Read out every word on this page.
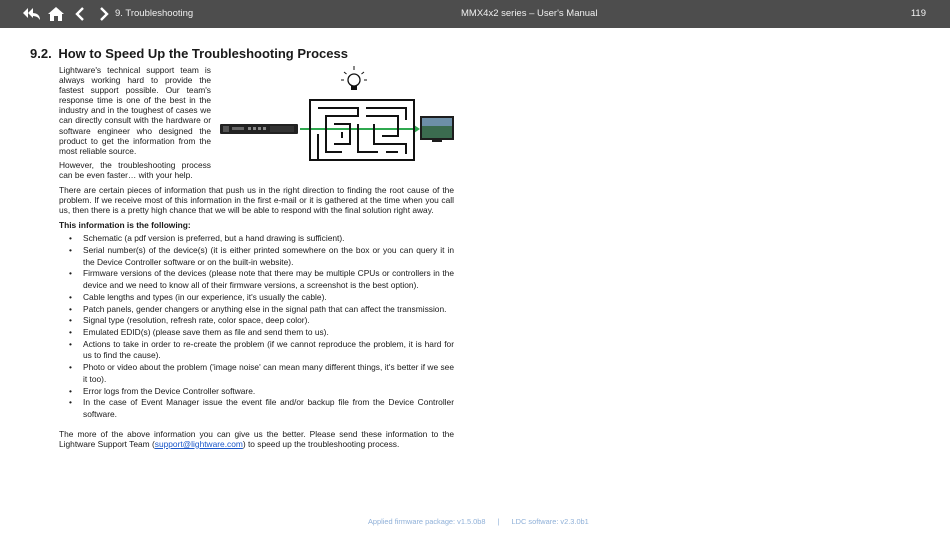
9. Troubleshooting	MMX4x2 series – User's Manual	119
9.2. How to Speed Up the Troubleshooting Process

Lightware's technical support team is always working hard to provide the fastest support possible. Our team's response time is one of the best in the industry and in the toughest of cases we can directly consult with the hardware or software engineer who designed the product to get the information from the most reliable source.

However, the troubleshooting process can be even faster… with your help.

There are certain pieces of information that push us in the right direction to finding the root cause of the problem. If we receive most of this information in the first e-mail or it is gathered at the time when you call us, then there is a pretty high chance that we will be able to respond with the final solution right away.

This information is the following:

• Schematic (a pdf version is preferred, but a hand drawing is sufficient).
• Serial number(s) of the device(s) (it is either printed somewhere on the box or you can query it in the Device Controller software or on the built-in website).
• Firmware versions of the devices (please note that there may be multiple CPUs or controllers in the device and we need to know all of their firmware versions, a screenshot is the best option).
• Cable lengths and types (in our experience, it's usually the cable).
• Patch panels, gender changers or anything else in the signal path that can affect the transmission.
• Signal type (resolution, refresh rate, color space, deep color).
• Emulated EDID(s) (please save them as file and send them to us).
• Actions to take in order to re-create the problem (if we cannot reproduce the problem, it is hard for us to find the cause).
• Photo or video about the problem ('image noise' can mean many different things, it's better if we see it too).
• Error logs from the Device Controller software.
• In the case of Event Manager issue the event file and/or backup file from the Device Controller software.

The more of the above information you can give us the better. Please send these information to the Lightware Support Team (support@lightware.com) to speed up the troubleshooting process.

Applied firmware package: v1.5.0b8 | LDC software: v2.3.0b1
